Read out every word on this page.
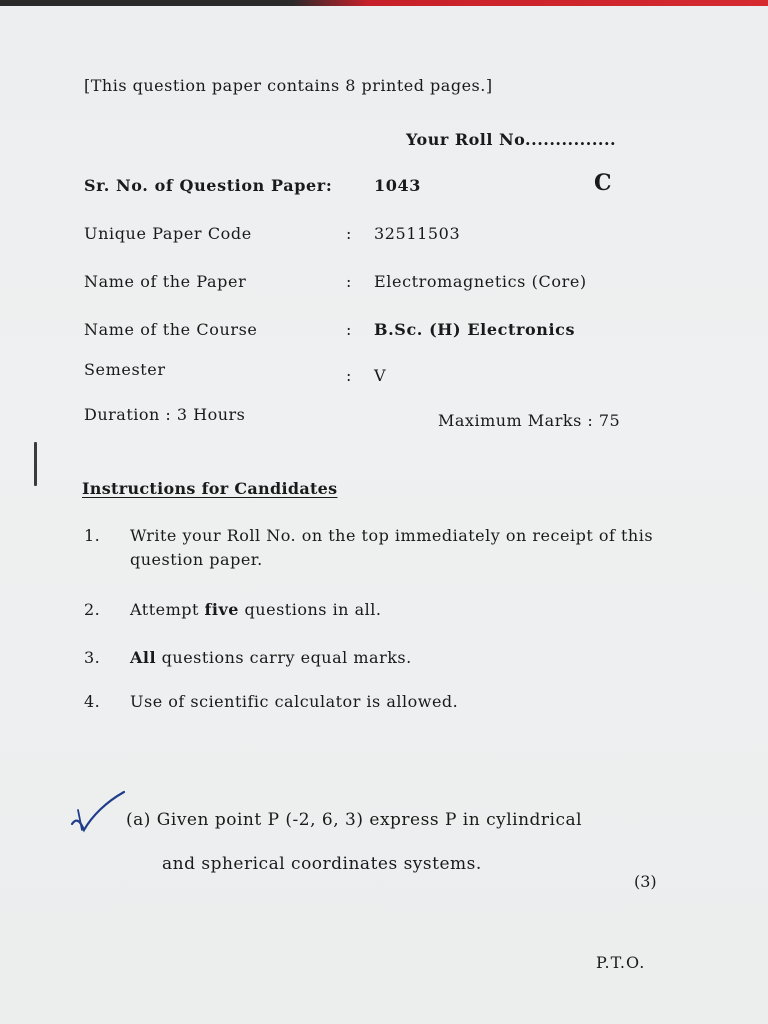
[This question paper contains 8 printed pages.]
Your Roll No...............
C
Sr. No. of Question Paper:	1043
Unique Paper Code	: 32511503
Name of the Paper	: Electromagnetics (Core)
Name of the Course	: B.Sc. (H) Electronics
Semester	: V
Duration : 3 Hours	Maximum Marks : 75
Instructions for Candidates
1. Write your Roll No. on the top immediately on receipt of this question paper.
2. Attempt five questions in all.
3. All questions carry equal marks.
4. Use of scientific calculator is allowed.
(a) Given point P (-2, 6, 3) express P in cylindrical
and spherical coordinates systems.
(3)
P.T.O.
